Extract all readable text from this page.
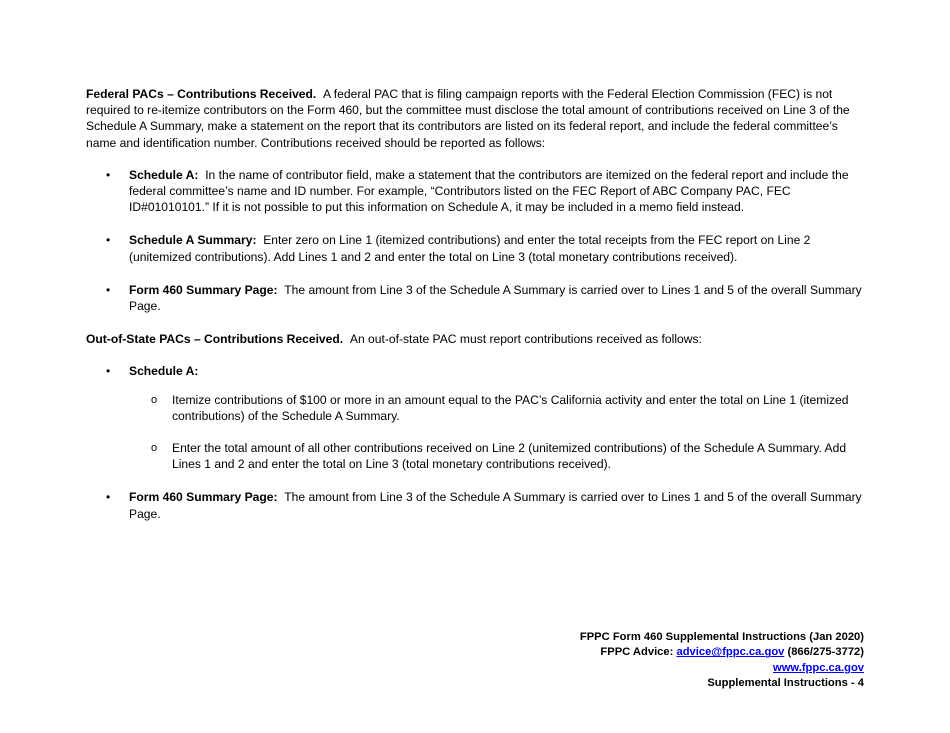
Federal PACs – Contributions Received. A federal PAC that is filing campaign reports with the Federal Election Commission (FEC) is not required to re-itemize contributors on the Form 460, but the committee must disclose the total amount of contributions received on Line 3 of the Schedule A Summary, make a statement on the report that its contributors are listed on its federal report, and include the federal committee’s name and identification number. Contributions received should be reported as follows:

• Schedule A: In the name of contributor field, make a statement that the contributors are itemized on the federal report and include the federal committee’s name and ID number. For example, “Contributors listed on the FEC Report of ABC Company PAC, FEC ID#01010101.” If it is not possible to put this information on Schedule A, it may be included in a memo field instead.
• Schedule A Summary: Enter zero on Line 1 (itemized contributions) and enter the total receipts from the FEC report on Line 2 (unitemized contributions). Add Lines 1 and 2 and enter the total on Line 3 (total monetary contributions received).
• Form 460 Summary Page: The amount from Line 3 of the Schedule A Summary is carried over to Lines 1 and 5 of the overall Summary Page.

Out-of-State PACs – Contributions Received. An out-of-state PAC must report contributions received as follows:

• Schedule A:
o Itemize contributions of $100 or more in an amount equal to the PAC’s California activity and enter the total on Line 1 (itemized contributions) of the Schedule A Summary.
o Enter the total amount of all other contributions received on Line 2 (unitemized contributions) of the Schedule A Summary. Add Lines 1 and 2 and enter the total on Line 3 (total monetary contributions received).
• Form 460 Summary Page: The amount from Line 3 of the Schedule A Summary is carried over to Lines 1 and 5 of the overall Summary Page.
FPPC Form 460 Supplemental Instructions (Jan 2020)
FPPC Advice: advice@fppc.ca.gov (866/275-3772)
www.fppc.ca.gov
Supplemental Instructions - 4
